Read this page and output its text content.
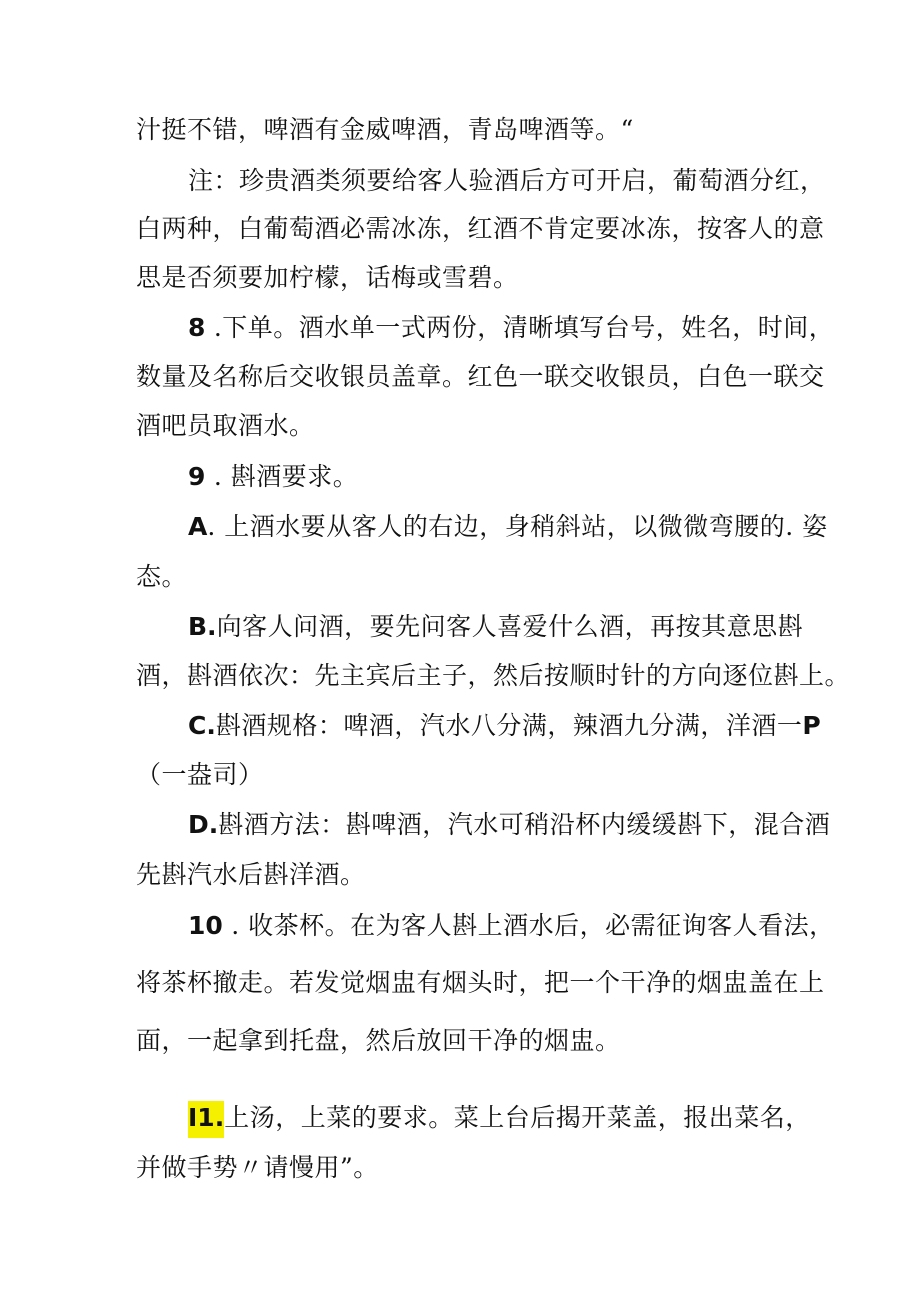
汁挺不错，啤酒有金威啤酒，青岛啤酒等。“
注：珍贵酒类须要给客人验酒后方可开启，葡萄酒分红，
白两种，白葡萄酒必需冰冻，红酒不肯定要冰冻，按客人的意
思是否须要加柠檬，话梅或雪碧。
8 .下单。酒水单一式两份，清晰填写台号，姓名，时间，
数量及名称后交收银员盖章。红色一联交收银员，白色一联交
酒吧员取酒水。
9 . 斟酒要求。
A. 上酒水要从客人的右边，身稍斜站，以微微弯腰的. 姿
态。
B.向客人问酒，要先问客人喜爱什么酒，再按其意思斟
酒，斟酒依次：先主宾后主子，然后按顺时针的方向逐位斟上。
C.斟酒规格：啤酒，汽水八分满，辣酒九分满，洋酒一P
（一盎司）
D.斟酒方法：斟啤酒，汽水可稍沿杯内缓缓斟下，混合酒
先斟汽水后斟洋酒。
10 . 收茶杯。在为客人斟上酒水后，必需征询客人看法，
将茶杯撤走。若发觉烟盅有烟头时，把一个干净的烟盅盖在上
面，一起拿到托盘，然后放回干净的烟盅。
I1.上汤，上菜的要求。菜上台后揭开菜盖，报出菜名，
并做手势〃请慢用”。
